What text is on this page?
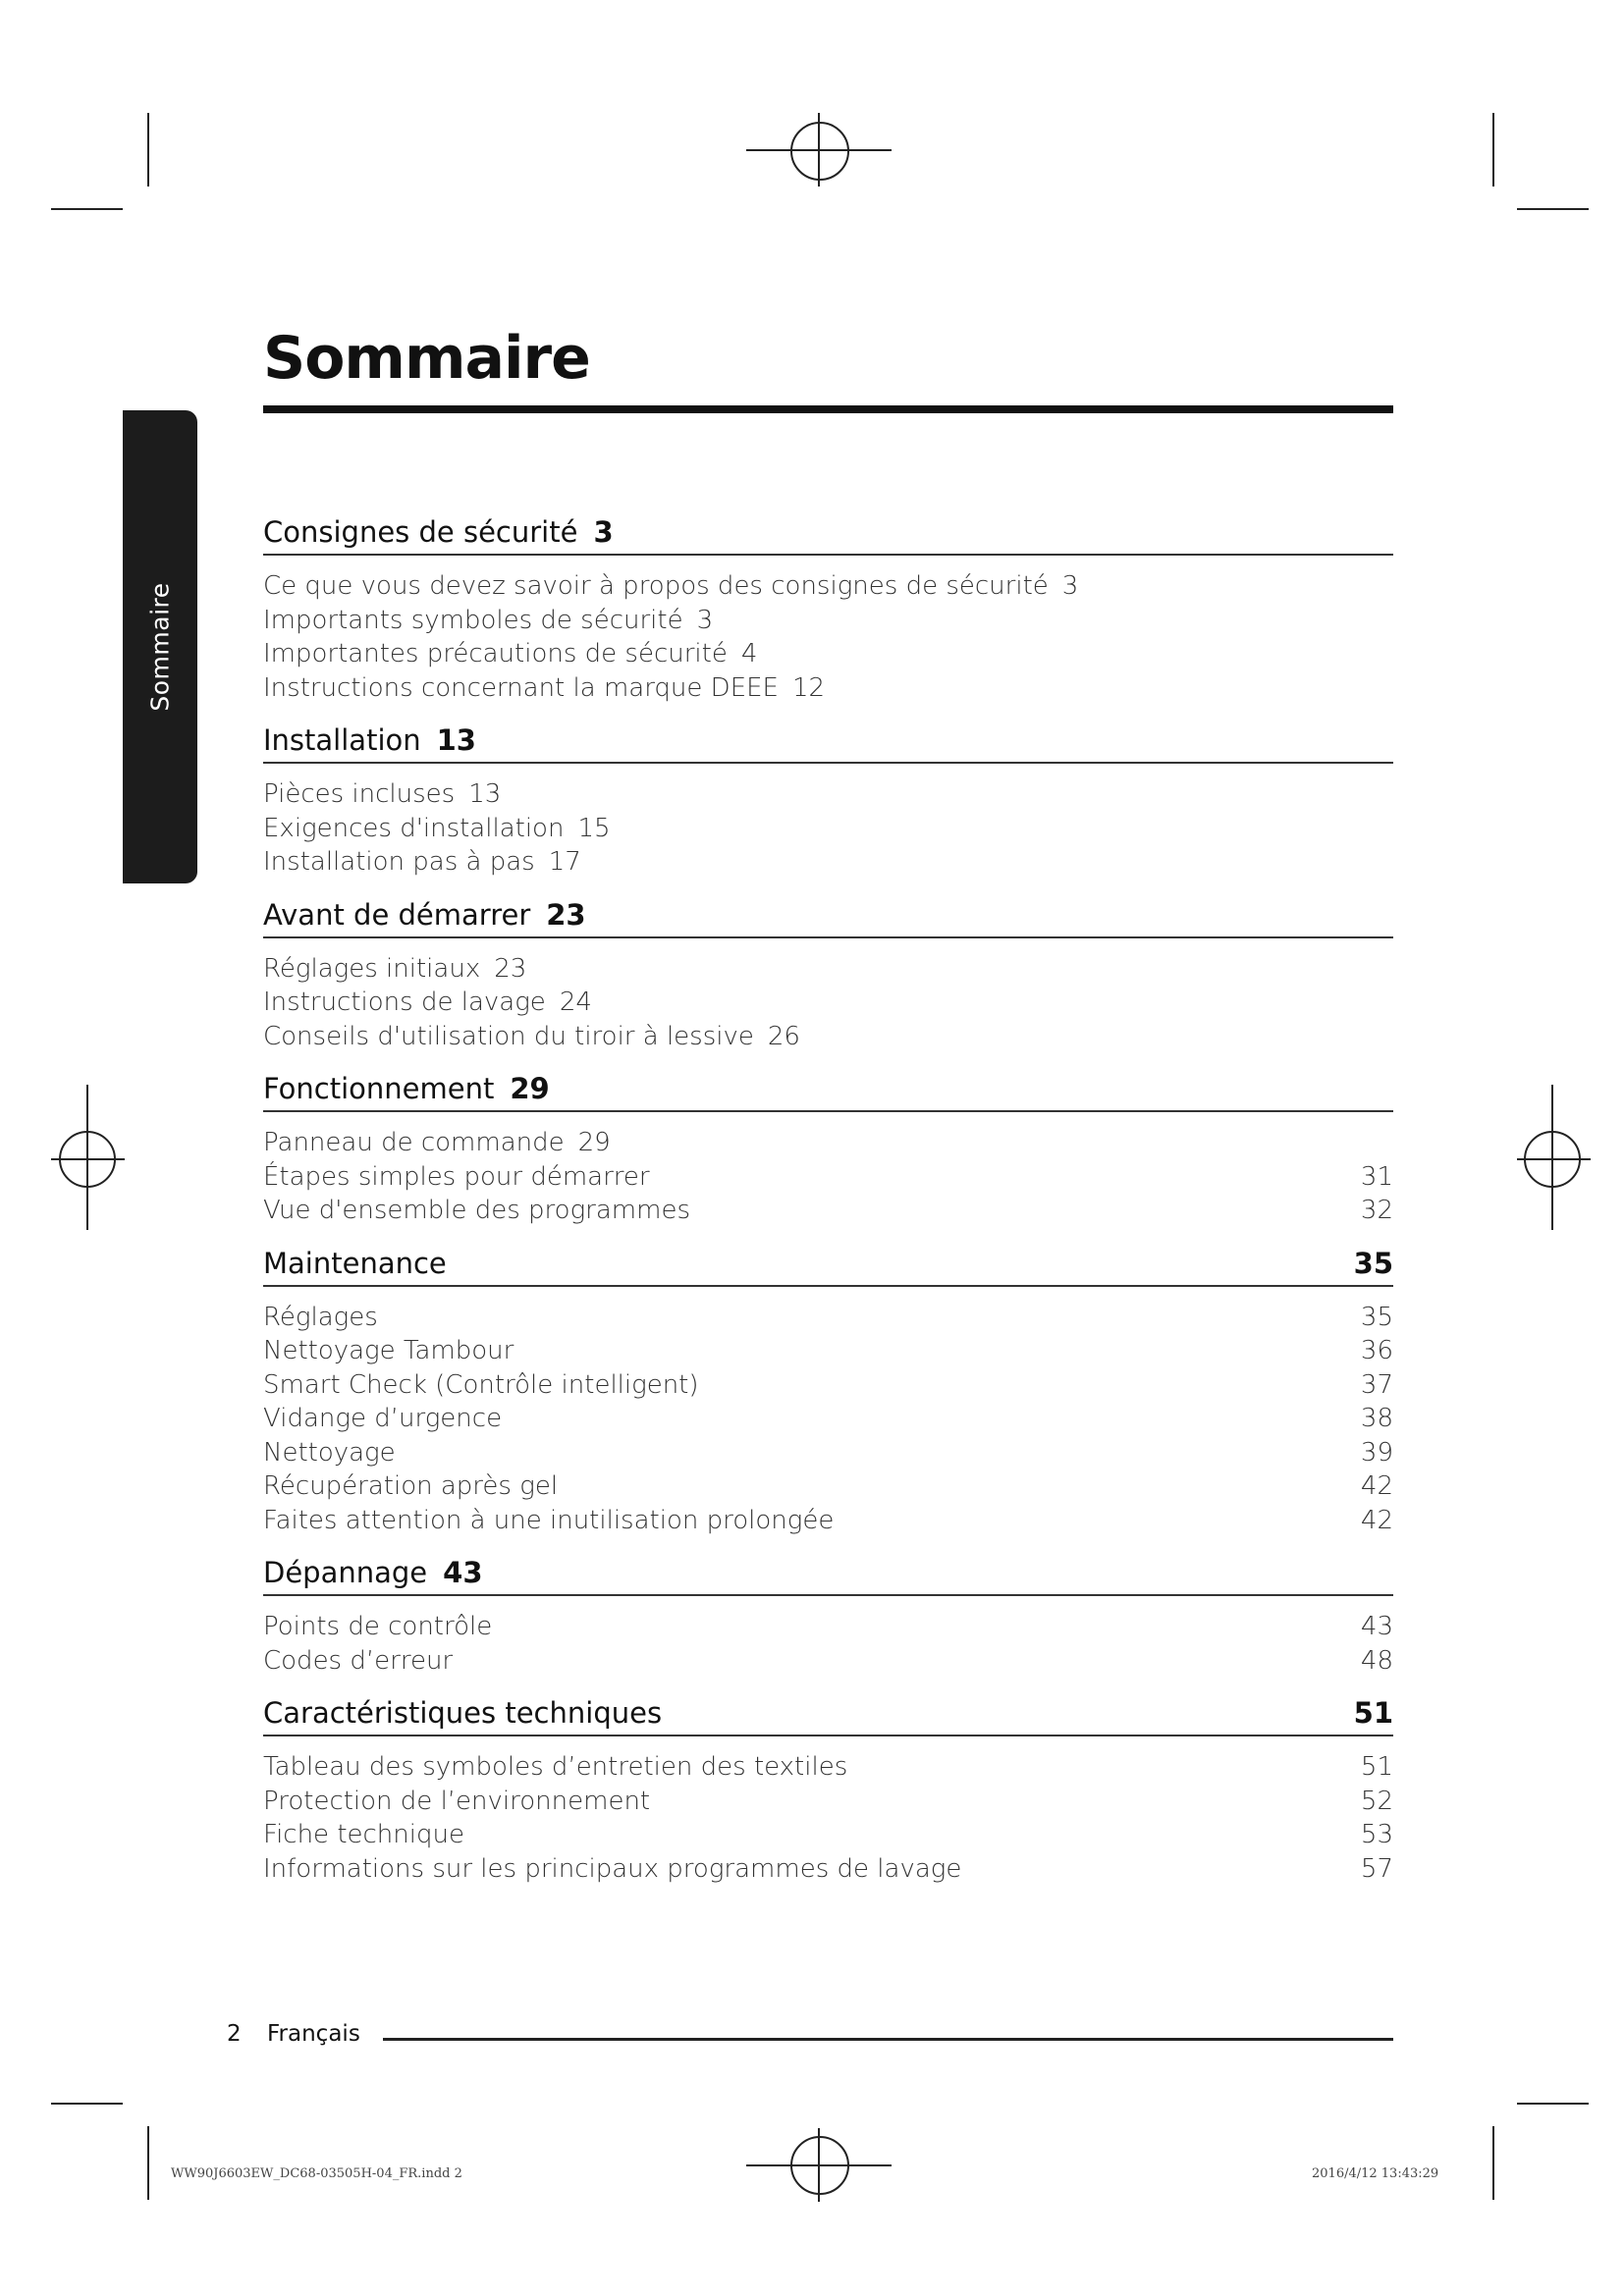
Sommaire
Sommaire
Consignes de sécurité 3
Ce que vous devez savoir à propos des consignes de sécurité 3
Importants symboles de sécurité 3
Importantes précautions de sécurité 4
Instructions concernant la marque DEEE 12
Installation 13
Pièces incluses 13
Exigences d'installation 15
Installation pas à pas 17
Avant de démarrer 23
Réglages initiaux 23
Instructions de lavage 24
Conseils d'utilisation du tiroir à lessive 26
Fonctionnement 29
Panneau de commande 29
Étapes simples pour démarrer	31
Vue d'ensemble des programmes	32
Maintenance	35
Réglages	35
Nettoyage Tambour	36
Smart Check (Contrôle intelligent)	37
Vidange d’urgence	38
Nettoyage	39
Récupération après gel	42
Faites attention à une inutilisation prolongée	42
Dépannage 43
Points de contrôle	43
Codes d’erreur	48
Caractéristiques techniques	51
Tableau des symboles d’entretien des textiles	51
Protection de l’environnement	52
Fiche technique	53
Informations sur les principaux programmes de lavage	57
2 Français
WW90J6603EW_DC68-03505H-04_FR.indd 2	2016/4/12 13:43:29
